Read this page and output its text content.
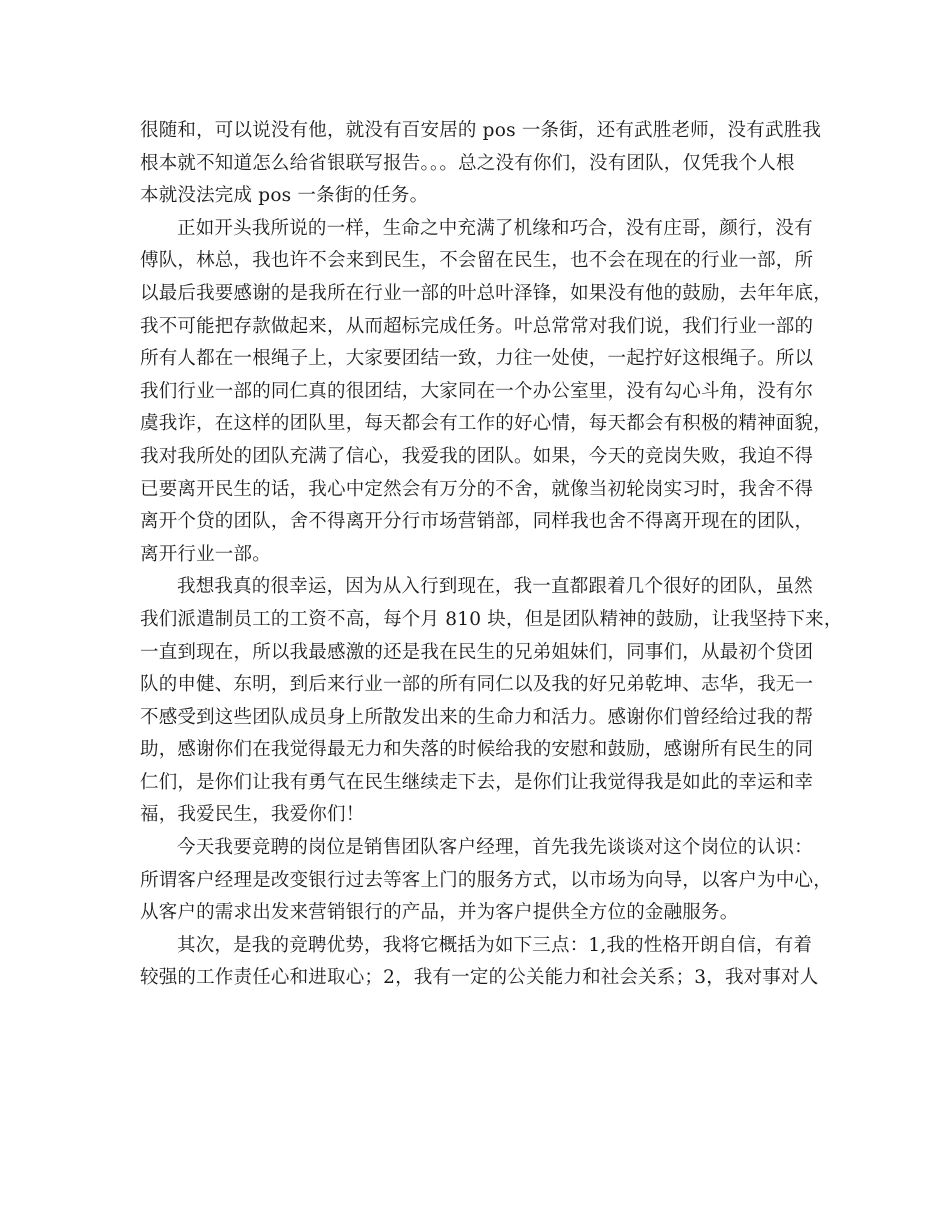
很随和，可以说没有他，就没有百安居的 pos 一条街，还有武胜老师，没有武胜我
根本就不知道怎么给省银联写报告。。。总之没有你们，没有团队，仅凭我个人根
本就没法完成 pos 一条街的任务。
正如开头我所说的一样，生命之中充满了机缘和巧合，没有庄哥，颜行，没有
傅队，林总，我也许不会来到民生，不会留在民生，也不会在现在的行业一部，所
以最后我要感谢的是我所在行业一部的叶总叶泽锋，如果没有他的鼓励，去年年底，
我不可能把存款做起来，从而超标完成任务。叶总常常对我们说，我们行业一部的
所有人都在一根绳子上，大家要团结一致，力往一处使，一起拧好这根绳子。所以
我们行业一部的同仁真的很团结，大家同在一个办公室里，没有勾心斗角，没有尔
虞我诈，在这样的团队里，每天都会有工作的好心情，每天都会有积极的精神面貌，
我对我所处的团队充满了信心，我爱我的团队。如果，今天的竞岗失败，我迫不得
已要离开民生的话，我心中定然会有万分的不舍，就像当初轮岗实习时，我舍不得
离开个贷的团队，舍不得离开分行市场营销部，同样我也舍不得离开现在的团队，
离开行业一部。
我想我真的很幸运，因为从入行到现在，我一直都跟着几个很好的团队，虽然
我们派遣制员工的工资不高，每个月 810 块，但是团队精神的鼓励，让我坚持下来，
一直到现在，所以我最感激的还是我在民生的兄弟姐妹们，同事们，从最初个贷团
队的申健、东明，到后来行业一部的所有同仁以及我的好兄弟乾坤、志华，我无一
不感受到这些团队成员身上所散发出来的生命力和活力。感谢你们曾经给过我的帮
助，感谢你们在我觉得最无力和失落的时候给我的安慰和鼓励，感谢所有民生的同
仁们，是你们让我有勇气在民生继续走下去，是你们让我觉得我是如此的幸运和幸
福，我爱民生，我爱你们！
今天我要竞聘的岗位是销售团队客户经理，首先我先谈谈对这个岗位的认识：
所谓客户经理是改变银行过去等客上门的服务方式，以市场为向导，以客户为中心，
从客户的需求出发来营销银行的产品，并为客户提供全方位的金融服务。
其次，是我的竞聘优势，我将它概括为如下三点：1,我的性格开朗自信，有着
较强的工作责任心和进取心；2，我有一定的公关能力和社会关系；3，我对事对人
